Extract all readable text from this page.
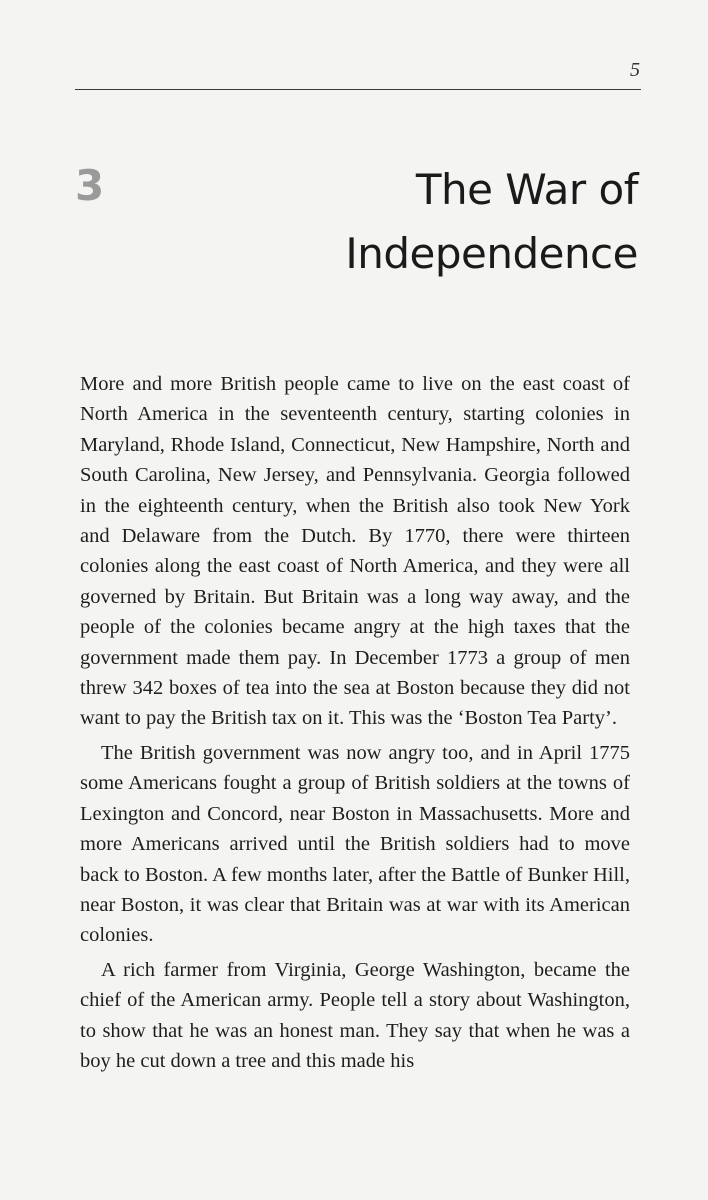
5
3	The War of
Independence

More and more British people came to live on the east coast of North America in the seventeenth century, starting colonies in Maryland, Rhode Island, Connecticut, New Hampshire, North and South Carolina, New Jersey, and Pennsylvania. Georgia followed in the eighteenth century, when the British also took New York and Delaware from the Dutch. By 1770, there were thirteen colonies along the east coast of North America, and they were all governed by Britain. But Britain was a long way away, and the people of the colonies became angry at the high taxes that the government made them pay. In December 1773 a group of men threw 342 boxes of tea into the sea at Boston because they did not want to pay the British tax on it. This was the ‘Boston Tea Party’.

The British government was now angry too, and in April 1775 some Americans fought a group of British soldiers at the towns of Lexington and Concord, near Boston in Massachusetts. More and more Americans arrived until the British soldiers had to move back to Boston. A few months later, after the Battle of Bunker Hill, near Boston, it was clear that Britain was at war with its American colonies.

A rich farmer from Virginia, George Washington, became the chief of the American army. People tell a story about Washington, to show that he was an honest man. They say that when he was a boy he cut down a tree and this made his
